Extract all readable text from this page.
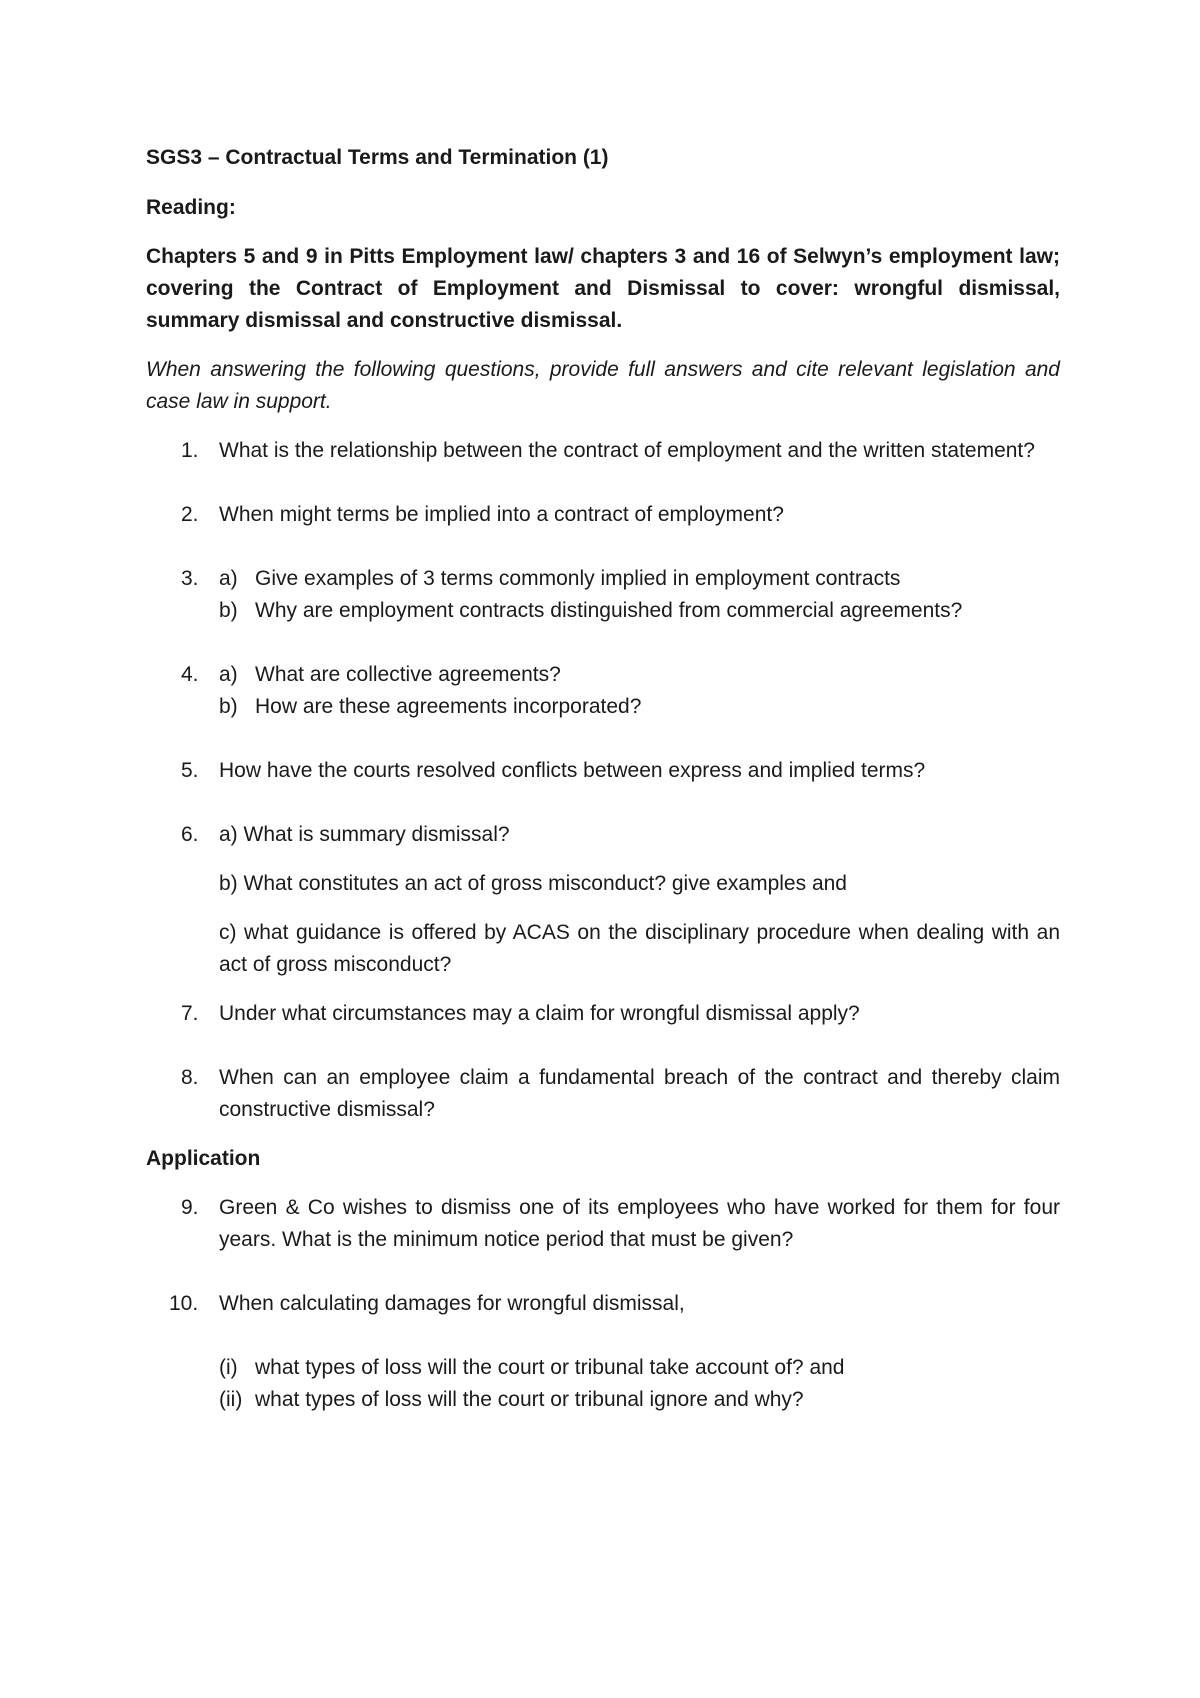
SGS3 – Contractual Terms and Termination (1)
Reading:
Chapters 5 and 9 in Pitts Employment law/ chapters 3 and 16 of Selwyn’s employment law; covering the Contract of Employment and Dismissal to cover: wrongful dismissal, summary dismissal and constructive dismissal.
When answering the following questions, provide full answers and cite relevant legislation and case law in support.
1. What is the relationship between the contract of employment and the written statement?

2. When might terms be implied into a contract of employment?

3. a) Give examples of 3 terms commonly implied in employment contracts

b) Why are employment contracts distinguished from commercial agreements?

4. a) What are collective agreements?

b) How are these agreements incorporated?

5. How have the courts resolved conflicts between express and implied terms?

6. a) What is summary dismissal?

b) What constitutes an act of gross misconduct? give examples and

c) what guidance is offered by ACAS on the disciplinary procedure when dealing with an act of gross misconduct?

7. Under what circumstances may a claim for wrongful dismissal apply?

8. When can an employee claim a fundamental breach of the contract and thereby claim constructive dismissal?

Application
9. Green & Co wishes to dismiss one of its employees who have worked for them for four years. What is the minimum notice period that must be given?

10. When calculating damages for wrongful dismissal,

(i) what types of loss will the court or tribunal take account of? and

(ii) what types of loss will the court or tribunal ignore and why?
